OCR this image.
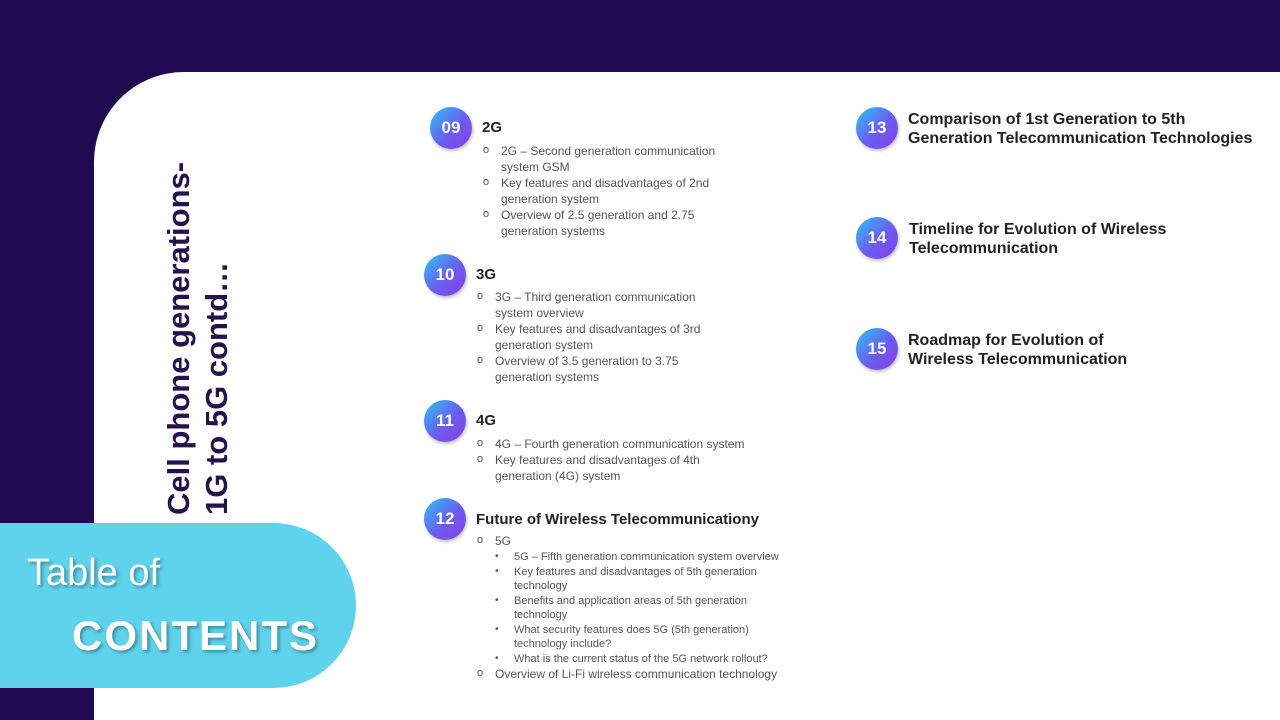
Cell phone generations- 1G to 5G contd…
Table of
CONTENTS
09	2G
o 2G – Second generation communication system GSM
o Key features and disadvantages of 2nd generation system
o Overview of 2.5 generation and 2.75 generation systems
10	3G
o 3G – Third generation communication system overview
o Key features and disadvantages of 3rd generation system
o Overview of 3.5 generation to 3.75 generation systems
11	4G
o 4G – Fourth generation communication system
o Key features and disadvantages of 4th generation (4G) system
12	Future of Wireless Telecommunicationy
o 5G
• 5G – Fifth generation communication system overview
• Key features and disadvantages of 5th generation technology
• Benefits and application areas of 5th generation technology
• What security features does 5G (5th generation) technology include?
• What is the current status of the 5G network rollout?
o Overview of Li-Fi wireless communication technology
13	Comparison of 1st Generation to 5th
Generation Telecommunication Technologies
14	Timeline for Evolution of Wireless
Telecommunication
15	Roadmap for Evolution of
Wireless Telecommunication
